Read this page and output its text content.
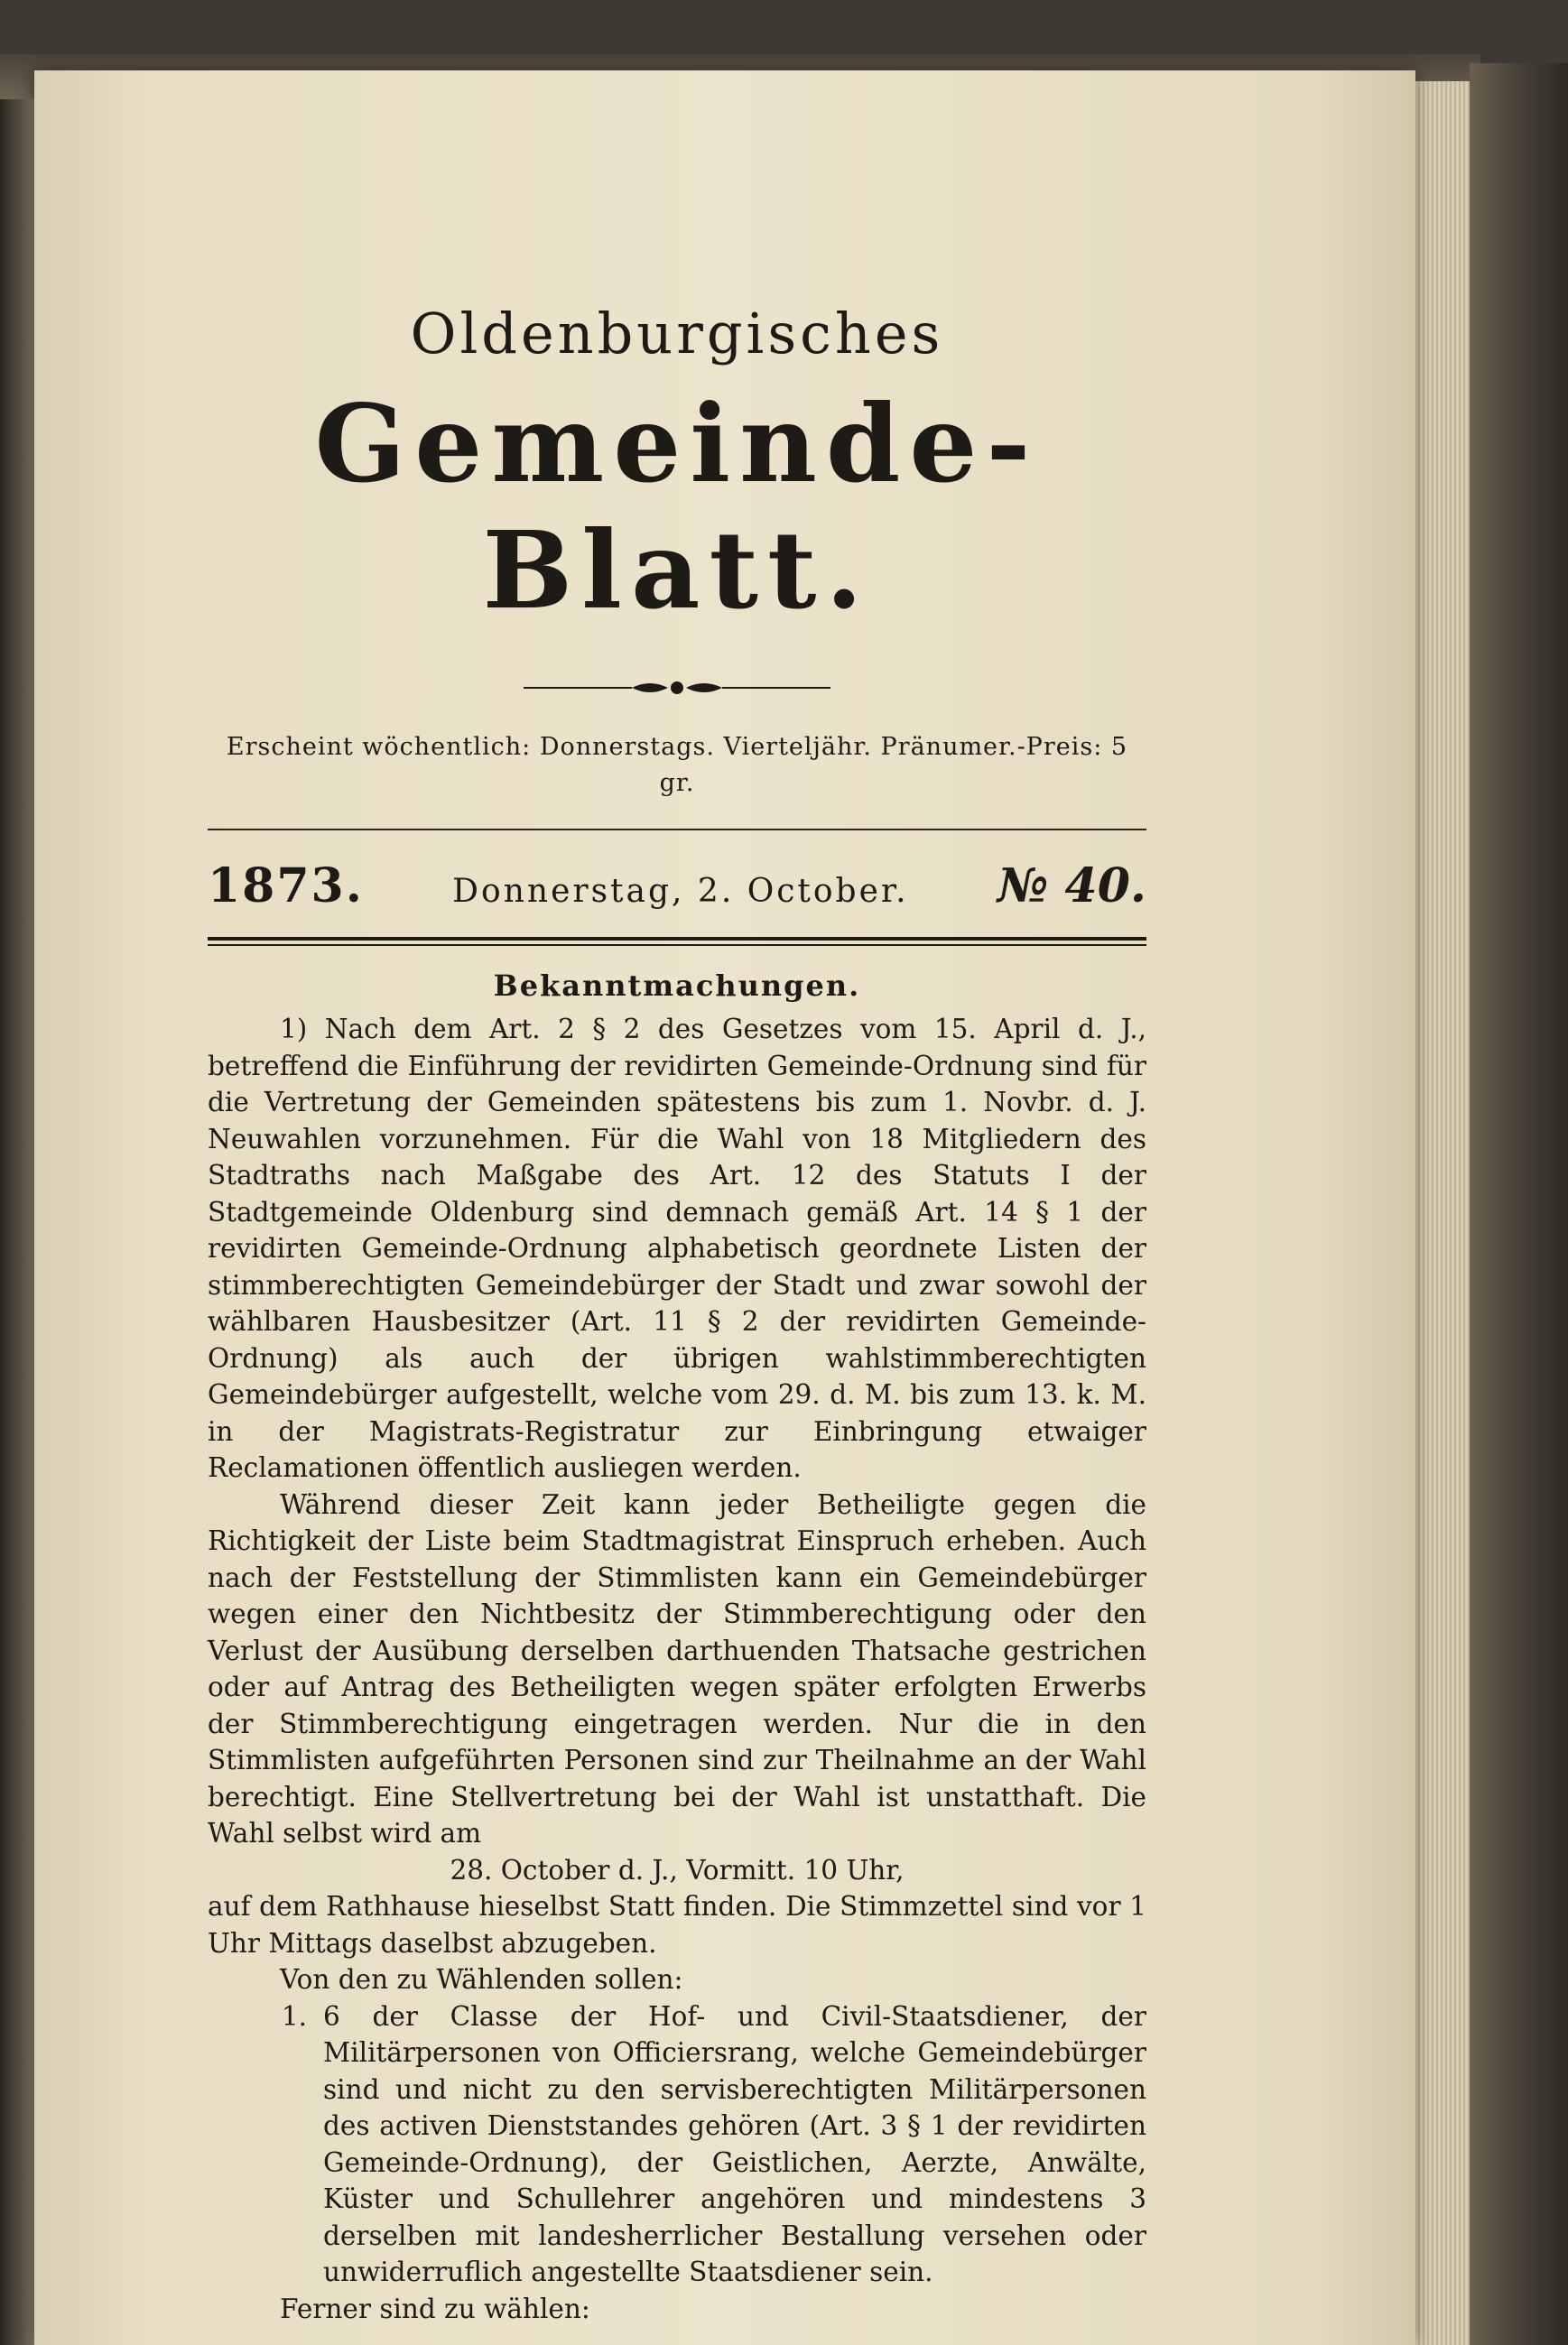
Oldenburgisches
Gemeinde-Blatt.

Erscheint wöchentlich: Donnerstags. Vierteljähr. Pränumer.-Preis: 5 gr.

1873.	Donnerstag, 2. October. № 40.
Bekanntmachungen.

1) Nach dem Art. 2 § 2 des Gesetzes vom 15. April d. J., betreffend die Einführung der revidirten Gemeinde-Ordnung sind für die Vertretung der Gemeinden spätestens bis zum 1. Novbr. d. J. Neuwahlen vorzunehmen. Für die Wahl von 18 Mitgliedern des Stadtraths nach Maßgabe des Art. 12 des Statuts I der Stadtgemeinde Oldenburg sind demnach gemäß Art. 14 § 1 der revidirten Gemeinde-Ordnung alphabetisch geordnete Listen der stimmberechtigten Gemeindebürger der Stadt und zwar sowohl der wählbaren Hausbesitzer (Art. 11 § 2 der revidirten Gemeinde-Ordnung) als auch der übrigen wahlstimmberechtigten Gemeindebürger aufgestellt, welche vom 29. d. M. bis zum 13. k. M. in der Magistrats-Registratur zur Einbringung etwaiger Reclamationen öffentlich ausliegen werden.

Während dieser Zeit kann jeder Betheiligte gegen die Richtigkeit der Liste beim Stadtmagistrat Einspruch erheben. Auch nach der Feststellung der Stimmlisten kann ein Gemeindebürger wegen einer den Nichtbesitz der Stimmberechtigung oder den Verlust der Ausübung derselben darthuenden Thatsache gestrichen oder auf Antrag des Betheiligten wegen später erfolgten Erwerbs der Stimmberechtigung eingetragen werden. Nur die in den Stimmlisten aufgeführten Personen sind zur Theilnahme an der Wahl berechtigt. Eine Stellvertretung bei der Wahl ist unstatthaft. Die Wahl selbst wird am

28. October d. J., Vormitt. 10 Uhr,

auf dem Rathhause hieselbst Statt finden. Die Stimmzettel sind vor 1 Uhr Mittags daselbst abzugeben.

Von den zu Wählenden sollen:

1. 6 der Classe der Hof- und Civil-Staatsdiener, der Militärpersonen von Officiersrang, welche Gemeindebürger sind und nicht zu den servisberechtigten Militärpersonen des activen Dienststandes gehören (Art. 3 § 1 der revidirten Gemeinde-Ordnung), der Geistlichen, Aerzte, Anwälte, Küster und Schullehrer angehören und mindestens 3 derselben mit landesherrlicher Bestallung versehen oder unwiderruflich angestellte Staatsdiener sein.

Ferner sind zu wählen:
